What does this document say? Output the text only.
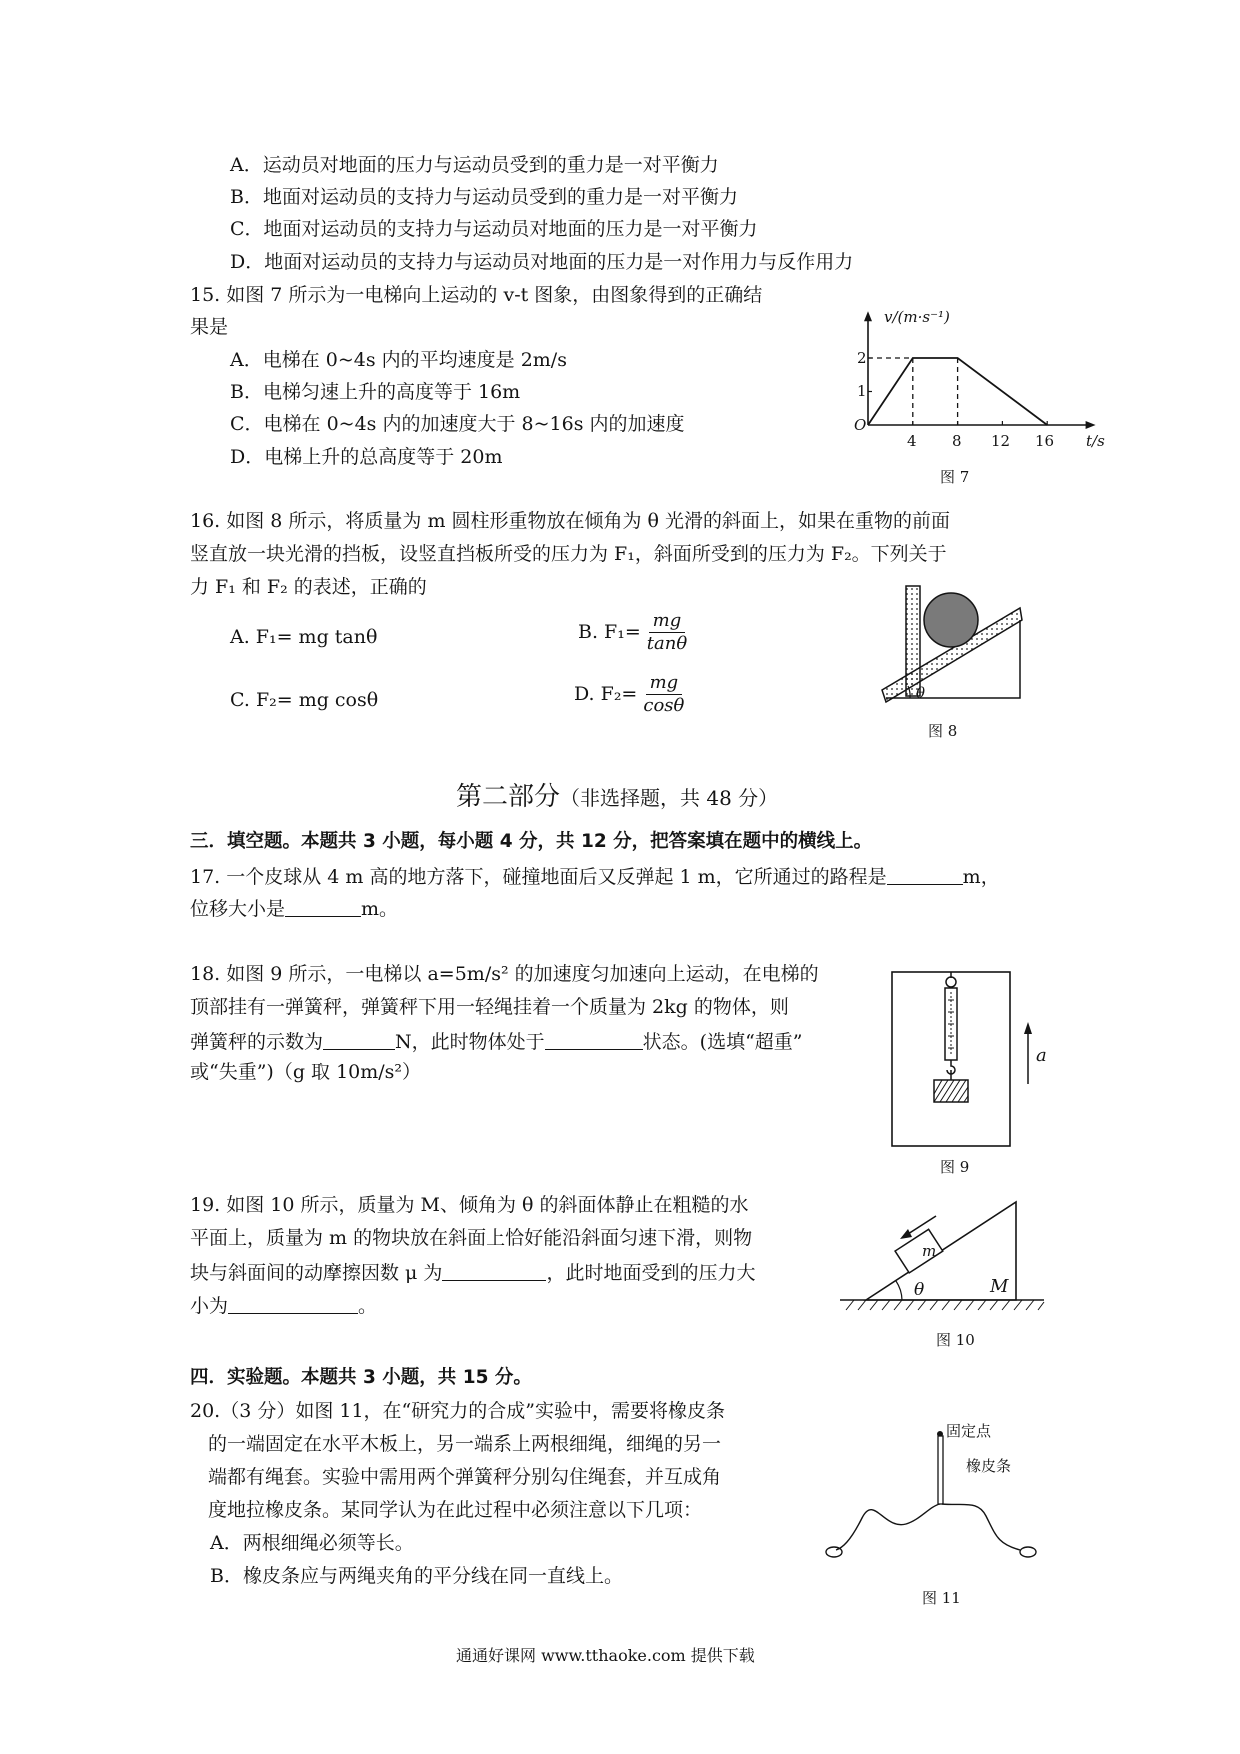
A．运动员对地面的压力与运动员受到的重力是一对平衡力
B．地面对运动员的支持力与运动员受到的重力是一对平衡力
C．地面对运动员的支持力与运动员对地面的压力是一对平衡力
D．地面对运动员的支持力与运动员对地面的压力是一对作用力与反作用力
15. 如图 7 所示为一电梯向上运动的 v-t 图象，由图象得到的正确结
果是
A．电梯在 0~4s 内的平均速度是 2m/s
B．电梯匀速上升的高度等于 16m
C．电梯在 0~4s 内的加速度大于 8~16s 内的加速度
D．电梯上升的总高度等于 20m
v/(m·s⁻¹)
t/s
O
1
2
4 8 12 16
图 7
16. 如图 8 所示，将质量为 m 圆柱形重物放在倾角为 θ 光滑的斜面上，如果在重物的前面
竖直放一块光滑的挡板，设竖直挡板所受的压力为 F₁，斜面所受到的压力为 F₂。下列关于
力 F₁ 和 F₂ 的表述，正确的
A. F₁= mg tanθ	B. $F_1= \frac{mg}{\tan\theta}$
C. F₂= mg cosθ	D. $F_2= \frac{mg}{\cos\theta}$	θ
图 8
第二部分（非选择题，共 48 分）
三．填空题。本题共 3 小题，每小题 4 分，共 12 分，把答案填在题中的横线上。
17. 一个皮球从 4 m 高的地方落下，碰撞地面后又反弹起 1 m，它所通过的路程是	m，
位移大小是	m。
18. 如图 9 所示，一电梯以 a=5m/s² 的加速度匀加速向上运动，在电梯的
顶部挂有一弹簧秤，弹簧秤下用一轻绳挂着一个质量为 2kg 的物体，则
弹簧秤的示数为	N，此时物体处于	状态。(选填“超重”
或“失重”)（g 取 10m/s²）
a
图 9
19. 如图 10 所示，质量为 M、倾角为 θ 的斜面体静止在粗糙的水
平面上，质量为 m 的物块放在斜面上恰好能沿斜面匀速下滑，则物
块与斜面间的动摩擦因数 μ 为	，此时地面受到的压力大
小为	。
m
θ	M
图 10
四．实验题。本题共 3 小题，共 15 分。
20.（3 分）如图 11，在“研究力的合成”实验中，需要将橡皮条
的一端固定在水平木板上，另一端系上两根细绳，细绳的另一
端都有绳套。实验中需用两个弹簧秤分别勾住绳套，并互成角
度地拉橡皮条。某同学认为在此过程中必须注意以下几项：
A．两根细绳必须等长。
B．橡皮条应与两绳夹角的平分线在同一直线上。
固定点
橡皮条
图 11
通通好课网 www.tthaoke.com 提供下载
